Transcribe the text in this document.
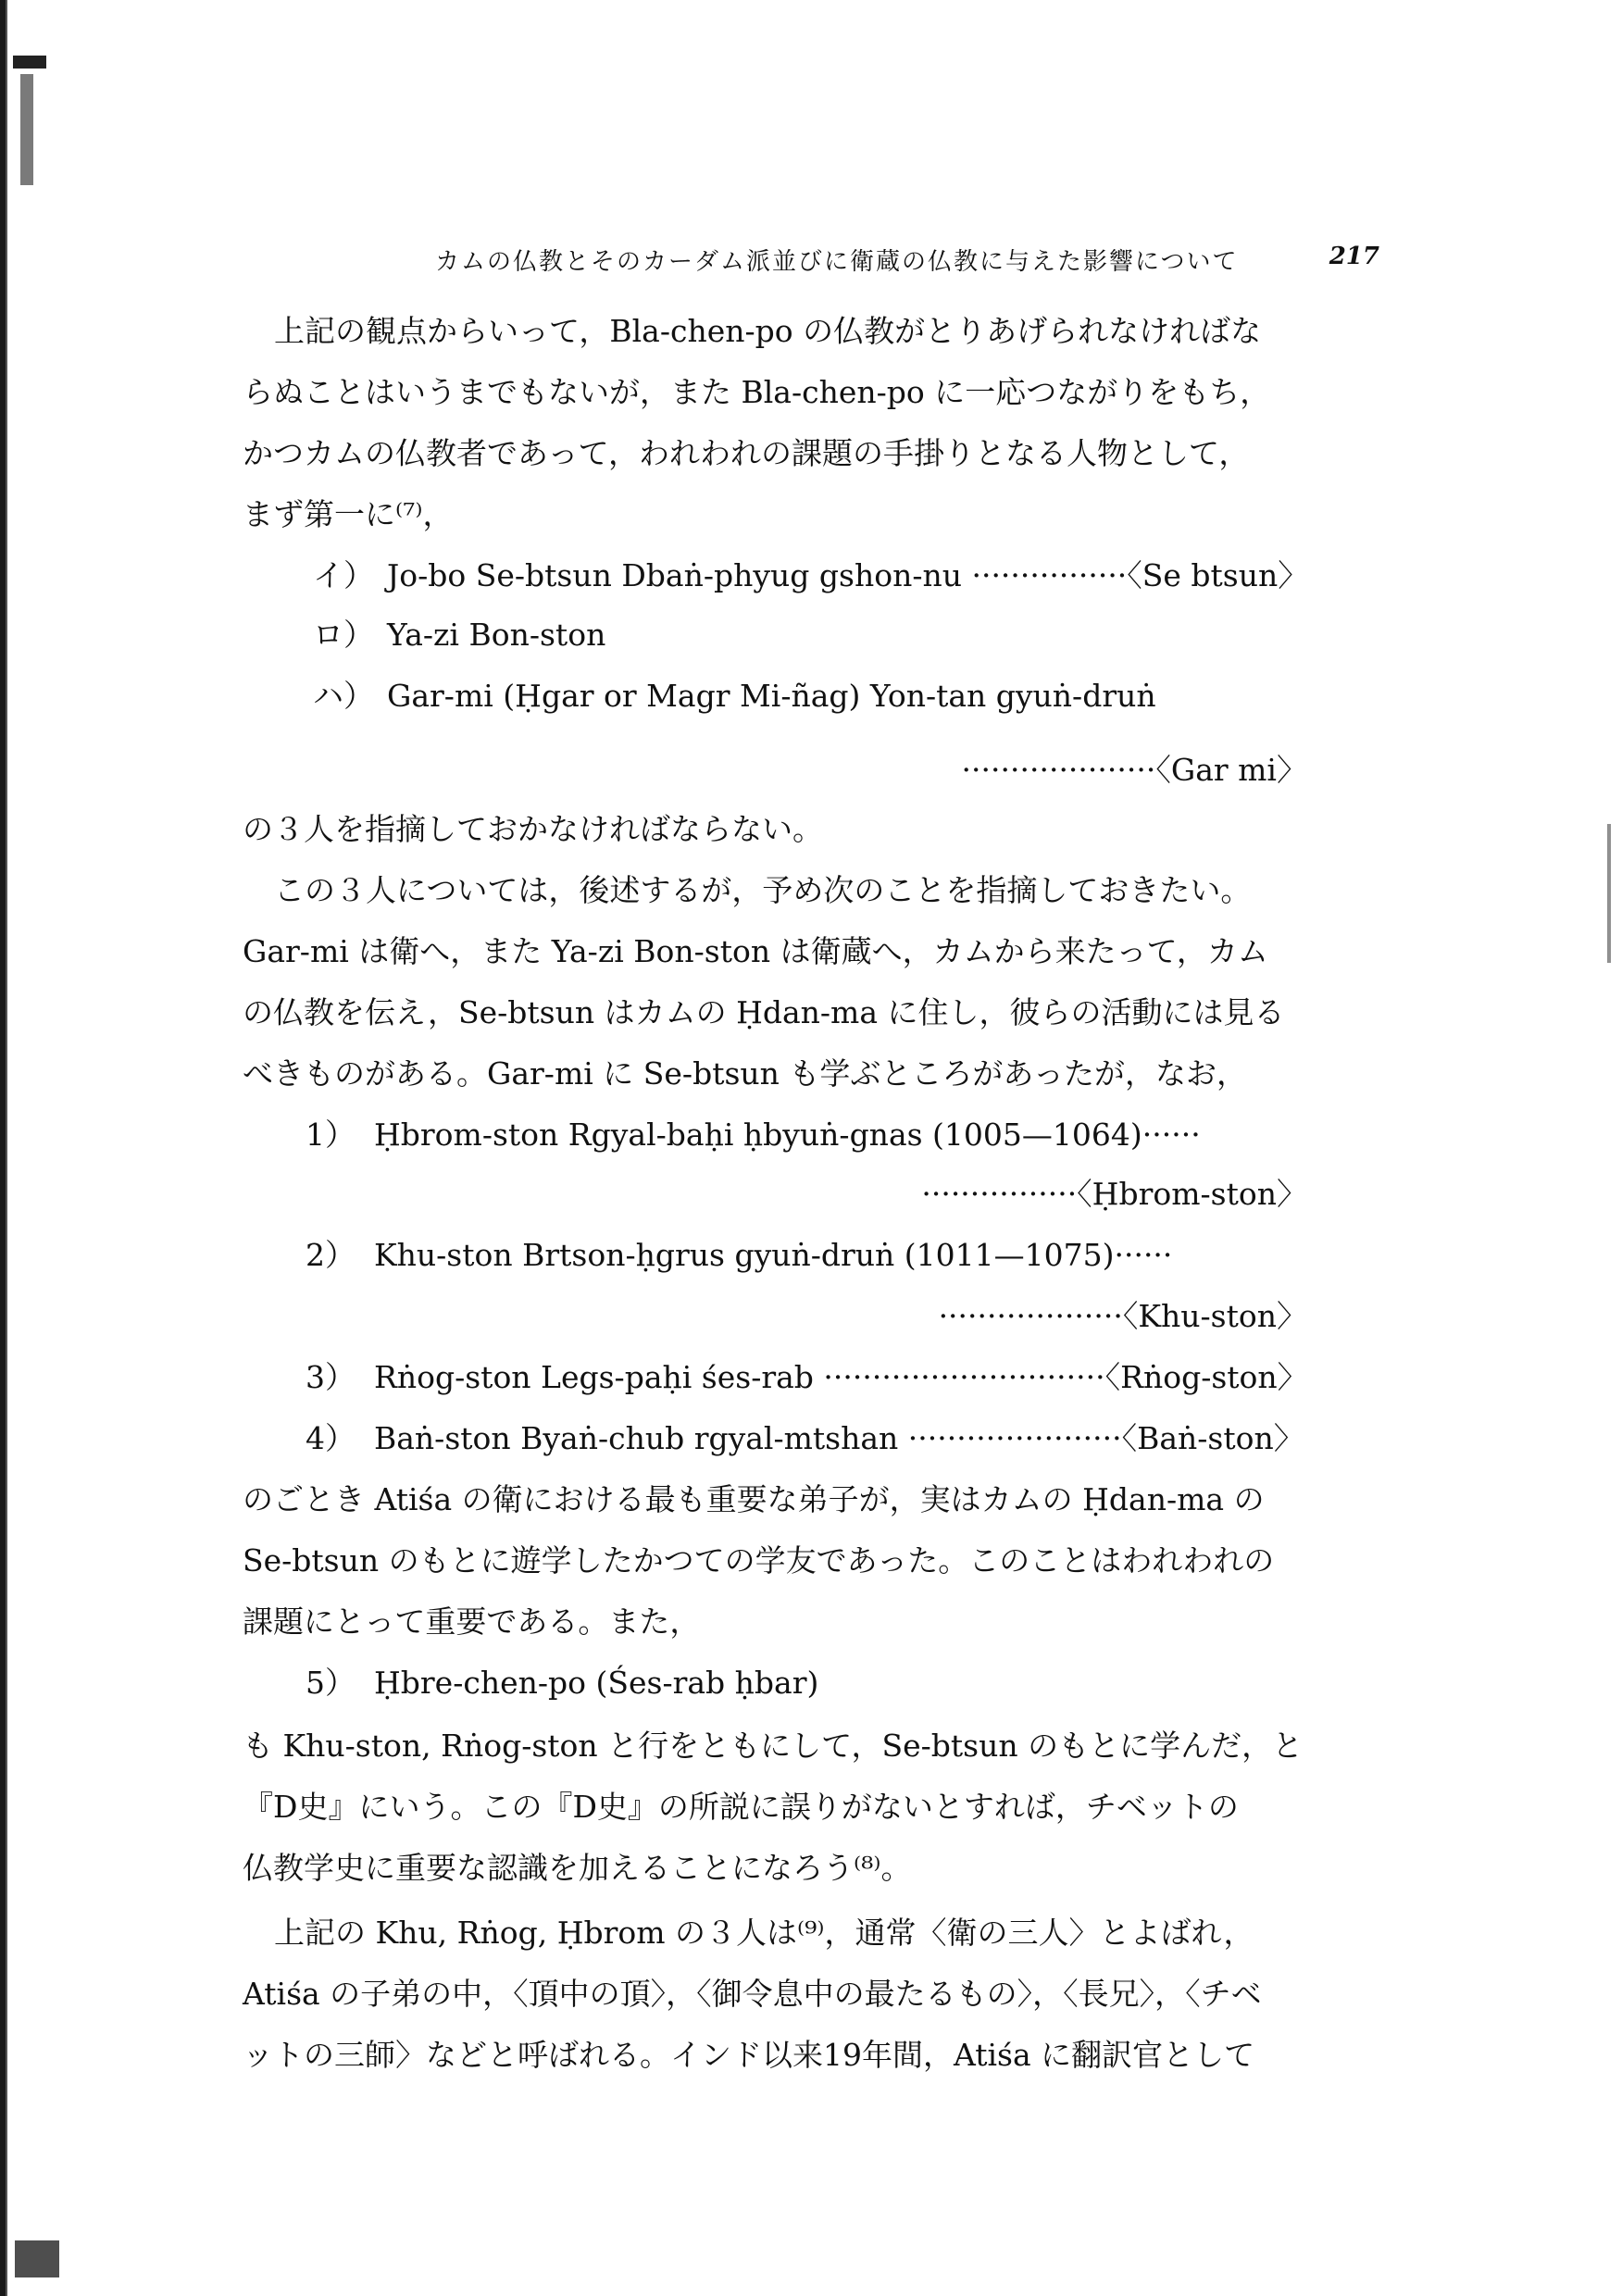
カムの仏教とそのカーダム派並びに衛蔵の仏教に与えた影響について	217
上記の観点からいって，Bla-chen-po の仏教がとりあげられなければな
らぬことはいうまでもないが，また Bla-chen-po に一応つながりをもち，
かつカムの仏教者であって，われわれの課題の手掛りとなる人物として，
まず第一に⁽⁷⁾，
イ） Jo-bo Se-btsun Dbaṅ-phyug gshon-nu ················〈Se btsun〉
ロ） Ya-zi Bon-ston
ハ） Gar-mi (Ḥgar or Magr Mi-ñag) Yon-tan gyuṅ-druṅ
····················〈Gar mi〉
の３人を指摘しておかなければならない。
この３人については，後述するが，予め次のことを指摘しておきたい。
Gar-mi は衛へ，また Ya-zi Bon-ston は衛蔵へ，カムから来たって，カム
の仏教を伝え，Se-btsun はカムの Ḥdan-ma に住し，彼らの活動には見る
べきものがある。Gar-mi に Se-btsun も学ぶところがあったが，なお，
1） Ḥbrom-ston Rgyal-baḥi ḥbyuṅ-gnas (1005—1064)······
················〈Ḥbrom-ston〉
2） Khu-ston Brtson-ḥgrus gyuṅ-druṅ (1011—1075)······
···················〈Khu-ston〉
3） Rṅog-ston Legs-paḥi śes-rab ·····························〈Rṅog-ston〉
4） Baṅ-ston Byaṅ-chub rgyal-mtshan ······················〈Baṅ-ston〉
のごとき Atiśa の衛における最も重要な弟子が，実はカムの Ḥdan-ma の
Se-btsun のもとに遊学したかつての学友であった。このことはわれわれの
課題にとって重要である。また，
5） Ḥbre-chen-po (Śes-rab ḥbar)
も Khu-ston, Rṅog-ston と行をともにして，Se-btsun のもとに学んだ，と
『D史』にいう。この『D史』の所説に誤りがないとすれば，チベットの
仏教学史に重要な認識を加えることになろう⁽⁸⁾。
上記の Khu, Rṅog, Ḥbrom の３人は⁽⁹⁾，通常〈衛の三人〉とよばれ，
Atiśa の子弟の中，〈頂中の頂〉，〈御令息中の最たるもの〉，〈長兄〉，〈チベ
ットの三師〉などと呼ばれる。インド以来19年間，Atiśa に翻訳官として
